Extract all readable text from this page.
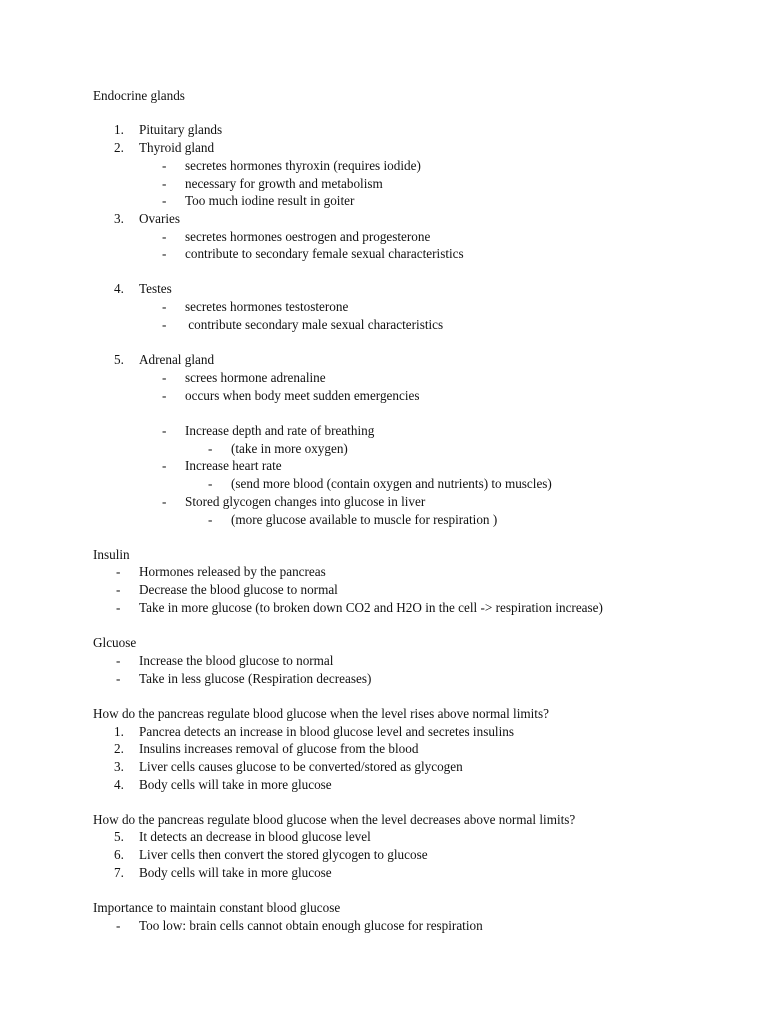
Endocrine glands
1. Pituitary glands
2. Thyroid gland
- secretes hormones thyroxin (requires iodide)
- necessary for growth and metabolism
- Too much iodine result in goiter
3. Ovaries
- secretes hormones oestrogen and progesterone
- contribute to secondary female sexual characteristics
4. Testes
- secretes hormones testosterone
- contribute secondary male sexual characteristics
5. Adrenal gland
- screes hormone adrenaline
- occurs when body meet sudden emergencies
- Increase depth and rate of breathing
- (take in more oxygen)
- Increase heart rate
- (send more blood (contain oxygen and nutrients) to muscles)
- Stored glycogen changes into glucose in liver
- (more glucose available to muscle for respiration )
Insulin
- Hormones released by the pancreas
- Decrease the blood glucose to normal
- Take in more glucose (to broken down CO2 and H2O in the cell -> respiration increase)
Glcuose
- Increase the blood glucose to normal
- Take in less glucose (Respiration decreases)
How do the pancreas regulate blood glucose when the level rises above normal limits?
1. Pancrea detects an increase in blood glucose level and secretes insulins
2. Insulins increases removal of glucose from the blood
3. Liver cells causes glucose to be converted/stored as glycogen
4. Body cells will take in more glucose
How do the pancreas regulate blood glucose when the level decreases above normal limits?
5. It detects an decrease in blood glucose level
6. Liver cells then convert the stored glycogen to glucose
7. Body cells will take in more glucose
Importance to maintain constant blood glucose
- Too low: brain cells cannot obtain enough glucose for respiration
